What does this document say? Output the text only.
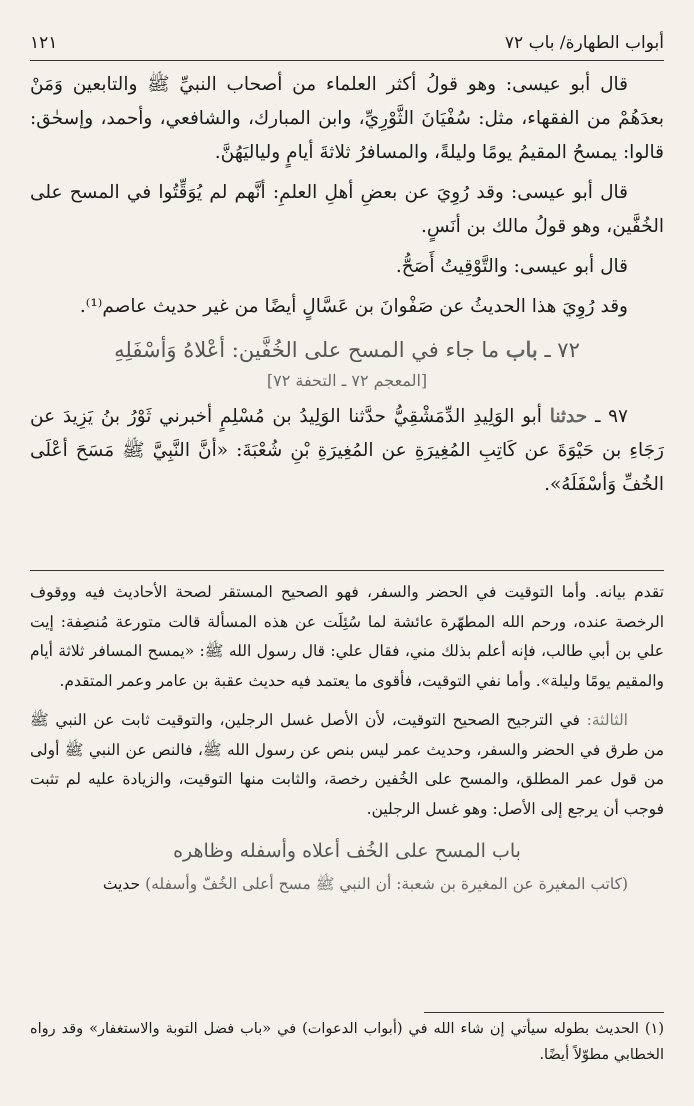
١٢١	أبواب الطهارة/ باب ٧٢

قال أبو عيسى: وهو قولُ أكثر العلماء من أصحاب النبيِّ ﷺ والتابعين وَمَنْ بعدَهُمْ من الفقهاء، مثل: سُفْيَانَ الثَّوْرِيِّ، وابن المبارك، والشافعي، وأحمد، وإسحٰق: قالوا: يمسحُ المقيمُ يومًا وليلةً، والمسافرُ ثلاثةَ أيامٍ ولياليَهُنَّ.

قال أبو عيسى: وقد رُوِيَ عن بعضِ أهلِ العلمِ: أنَّهم لم يُوَقِّتُوا في المسح على الخُفَّين، وهو قولُ مالك بن أنَسٍ.

قال أبو عيسى: والتَّوْقِيتُ أَصَحُّ.

وقد رُوِيَ هذا الحديثُ عن صَفْوانَ بن عَسَّالٍ أيضًا من غير حديث عاصم⁽¹⁾.

٧٢ ـ باب ما جاء في المسح على الخُفَّين: أعْلاهُ وَأسْفَلِهِ
[المعجم ٧٢ ـ التحفة ٧٢]

٩٧ ـ حدثنا أبو الوَلِيدِ الدِّمَشْقِيُّ حدَّثنا الوَلِيدُ بن مُسْلِمٍ أخبرني ثَوْرُ بنُ يَزِيدَ عن رَجَاءِ بن حَيْوَةَ عن كَاتِبِ المُغِيرَةِ عن المُغِيرَةِ بْنِ شُعْبَةَ: «أنَّ النَّبِيَّ ﷺ مَسَحَ أعْلَى الخُفِّ وَأسْفَلَهُ».

تقدم بيانه. وأما التوقيت في الحضر والسفر، فهو الصحيح المستقر لصحة الأحاديث فيه ووقوف الرخصة عنده، ورحم الله المطهّرة عائشة لما سُئِلَت عن هذه المسألة قالت متورعة مُنصِفة: إيت علي بن أبي طالب، فإنه أعلم بذلك مني، فقال علي: قال رسول الله ﷺ: «يمسح المسافر ثلاثة أيام والمقيم يومًا وليلة». وأما نفي التوقيت، فأقوى ما يعتمد فيه حديث عقبة بن عامر وعمر المتقدم.

الثالثة: في الترجيح الصحيح التوقيت، لأن الأصل غسل الرجلين، والتوقيت ثابت عن النبي ﷺ من طرق في الحضر والسفر، وحديث عمر ليس بنص عن رسول الله ﷺ، فالنص عن النبي ﷺ أولى من قول عمر المطلق، والمسح على الخُفين رخصة، والثابت منها التوقيت، والزيادة عليه لم تثبت فوجب أن يرجع إلى الأصل: وهو غسل الرجلين.

باب المسح على الخُف أعلاه وأسفله وظاهره

(كاتب المغيرة عن المغيرة بن شعبة: أن النبي ﷺ مسح أعلى الخُفّ وأسفله) حديث

(١) الحديث بطوله سيأتي إن شاء الله في (أبواب الدعوات) في «باب فضل التوبة والاستغفار» وقد رواه الخطابي مطوّلاً أيضًا.
